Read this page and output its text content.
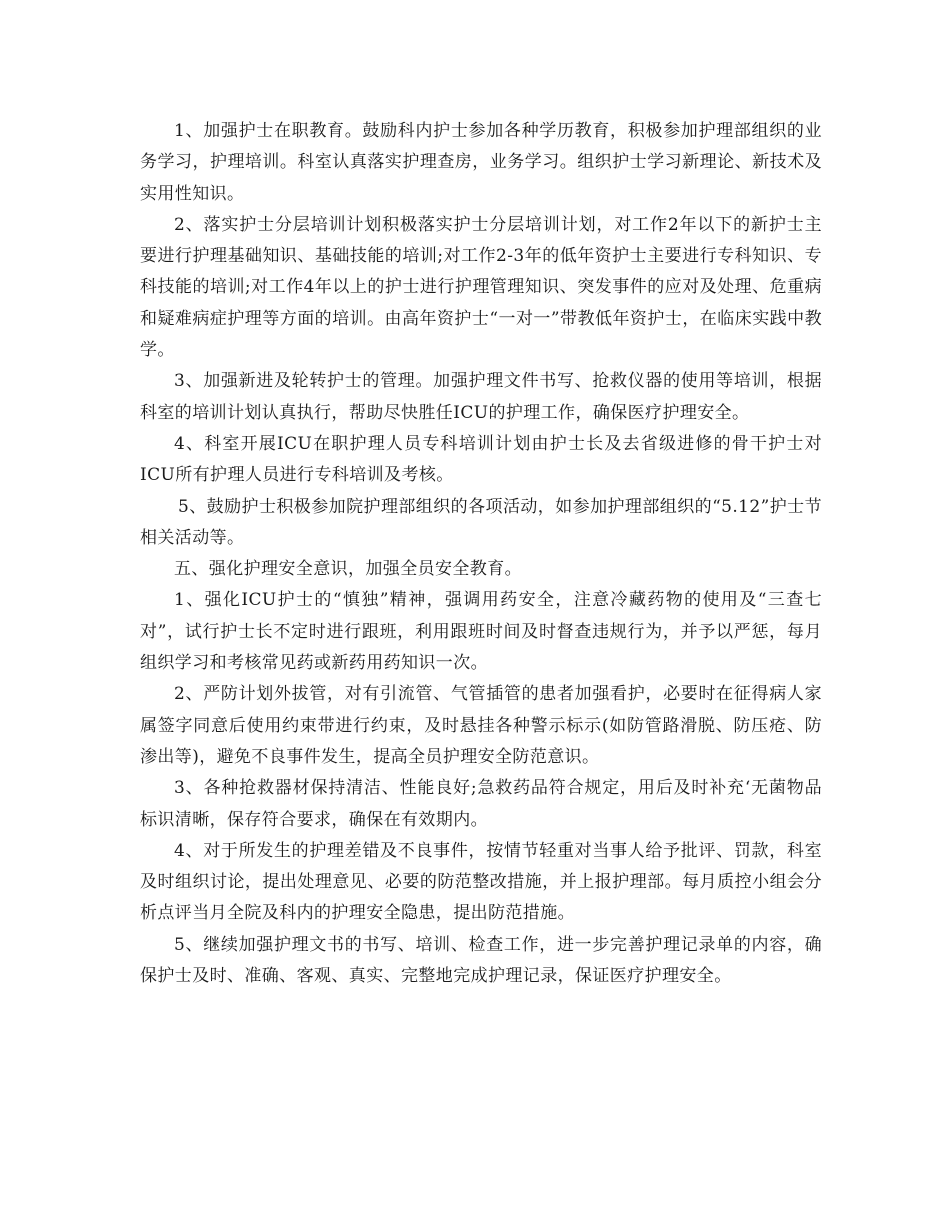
1、加强护士在职教育。鼓励科内护士参加各种学历教育，积极参加护理部组织的业务学习，护理培训。科室认真落实护理查房，业务学习。组织护士学习新理论、新技术及实用性知识。

2、落实护士分层培训计划积极落实护士分层培训计划，对工作2年以下的新护士主要进行护理基础知识、基础技能的培训;对工作2-3年的低年资护士主要进行专科知识、专科技能的培训;对工作4年以上的护士进行护理管理知识、突发事件的应对及处理、危重病和疑难病症护理等方面的培训。由高年资护士“一对一”带教低年资护士，在临床实践中教学。

3、加强新进及轮转护士的管理。加强护理文件书写、抢救仪器的使用等培训，根据科室的培训计划认真执行，帮助尽快胜任ICU的护理工作，确保医疗护理安全。

4、科室开展ICU在职护理人员专科培训计划由护士长及去省级进修的骨干护士对ICU所有护理人员进行专科培训及考核。

5、鼓励护士积极参加院护理部组织的各项活动，如参加护理部组织的“5.12”护士节相关活动等。

五、强化护理安全意识，加强全员安全教育。

1、强化ICU护士的“慎独”精神，强调用药安全，注意冷藏药物的使用及“三查七对”，试行护士长不定时进行跟班，利用跟班时间及时督查违规行为，并予以严惩，每月组织学习和考核常见药或新药用药知识一次。

2、严防计划外拔管，对有引流管、气管插管的患者加强看护，必要时在征得病人家属签字同意后使用约束带进行约束，及时悬挂各种警示标示(如防管路滑脱、防压疮、防渗出等)，避免不良事件发生，提高全员护理安全防范意识。

3、各种抢救器材保持清洁、性能良好;急救药品符合规定，用后及时补充‘无菌物品标识清晰，保存符合要求，确保在有效期内。

4、对于所发生的护理差错及不良事件，按情节轻重对当事人给予批评、罚款，科室及时组织讨论，提出处理意见、必要的防范整改措施，并上报护理部。每月质控小组会分析点评当月全院及科内的护理安全隐患，提出防范措施。

5、继续加强护理文书的书写、培训、检查工作，进一步完善护理记录单的内容，确保护士及时、准确、客观、真实、完整地完成护理记录，保证医疗护理安全。
